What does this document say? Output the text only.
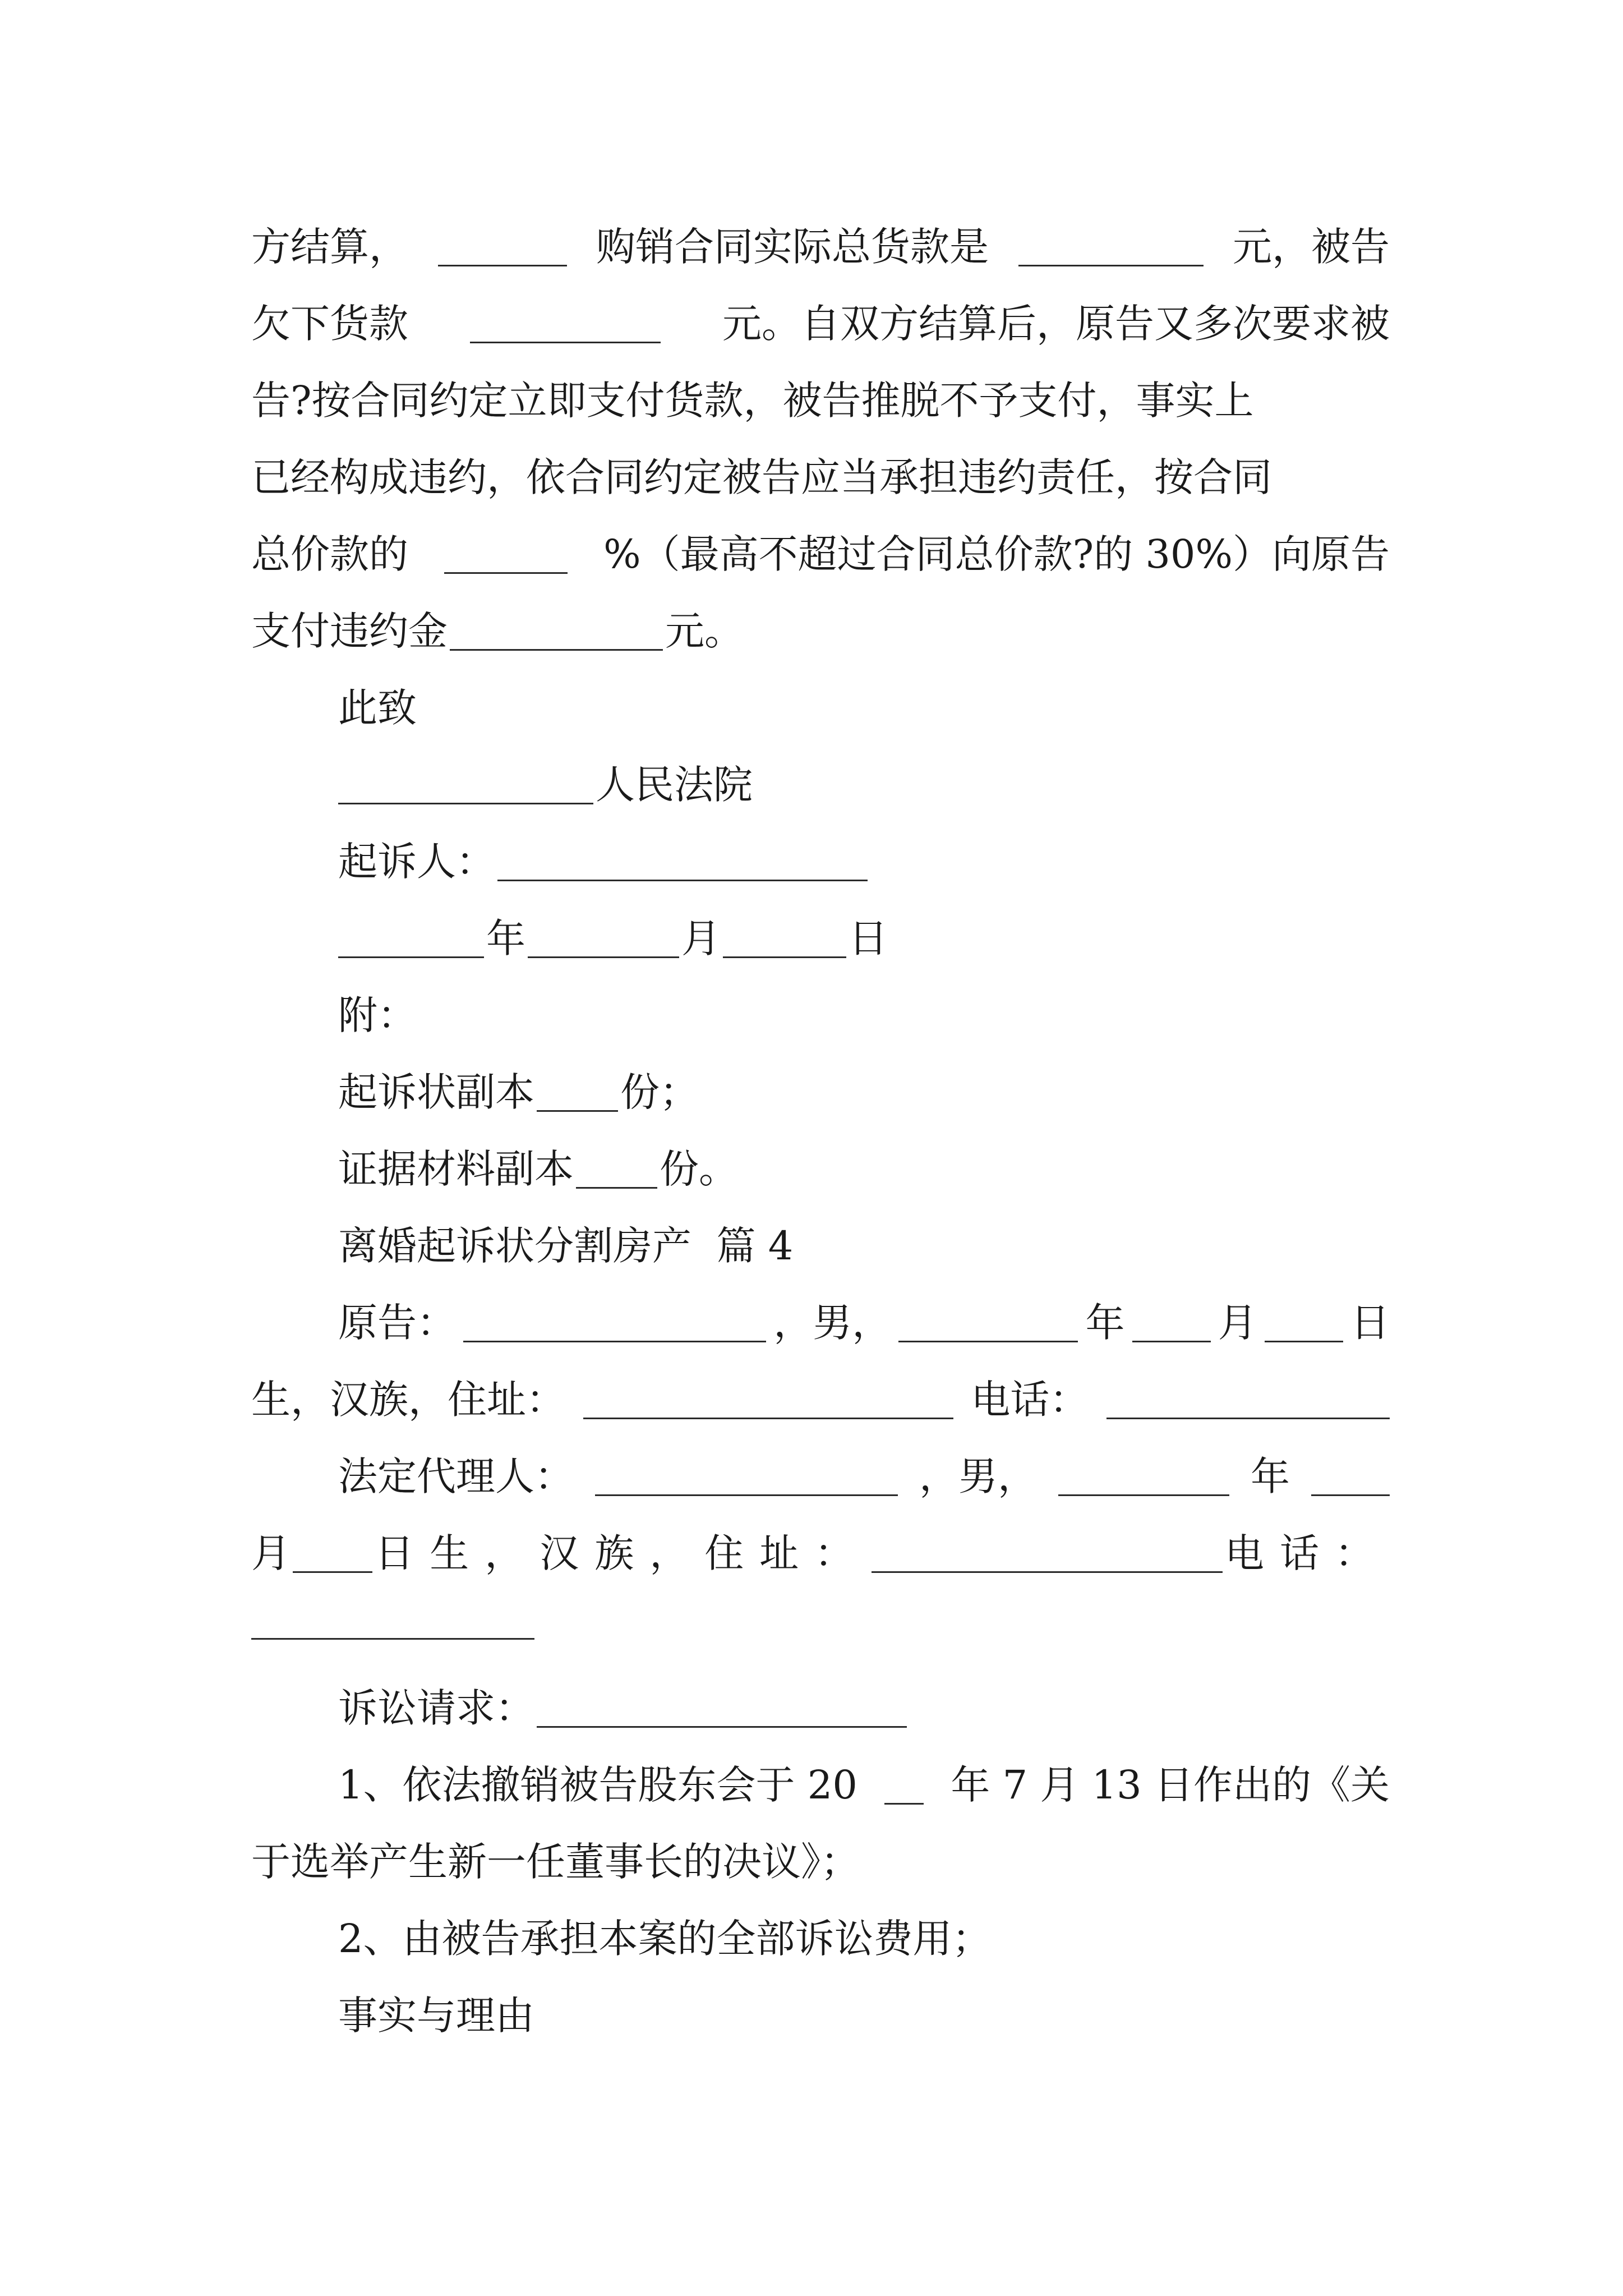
方结算，	购销合同实际总货款是	元，被告
欠下货款	元。自双方结算后，原告又多次要求被
告?按合同约定立即支付货款，被告推脱不予支付，事实上
已经构成违约，依合同约定被告应当承担违约责任，按合同
总价款的	%（最高不超过合同总价款?的 30%）向原告
支付违约金	元。
此致
人民法院
起诉人：
年	月	日
附：
起诉状副本 份；
证据材料副本 份。
离婚起诉状分割房产  篇 4
原告：	，男，	年 月 日
生，汉族，住址：	电话：
法定代理人：	，男，	年
月 日生，汉族，住址：	电话：
诉讼请求：
1、依法撤销被告股东会于 20 年 7 月 13 日作出的《关
于选举产生新一任董事长的决议》；
2、由被告承担本案的全部诉讼费用；
事实与理由
